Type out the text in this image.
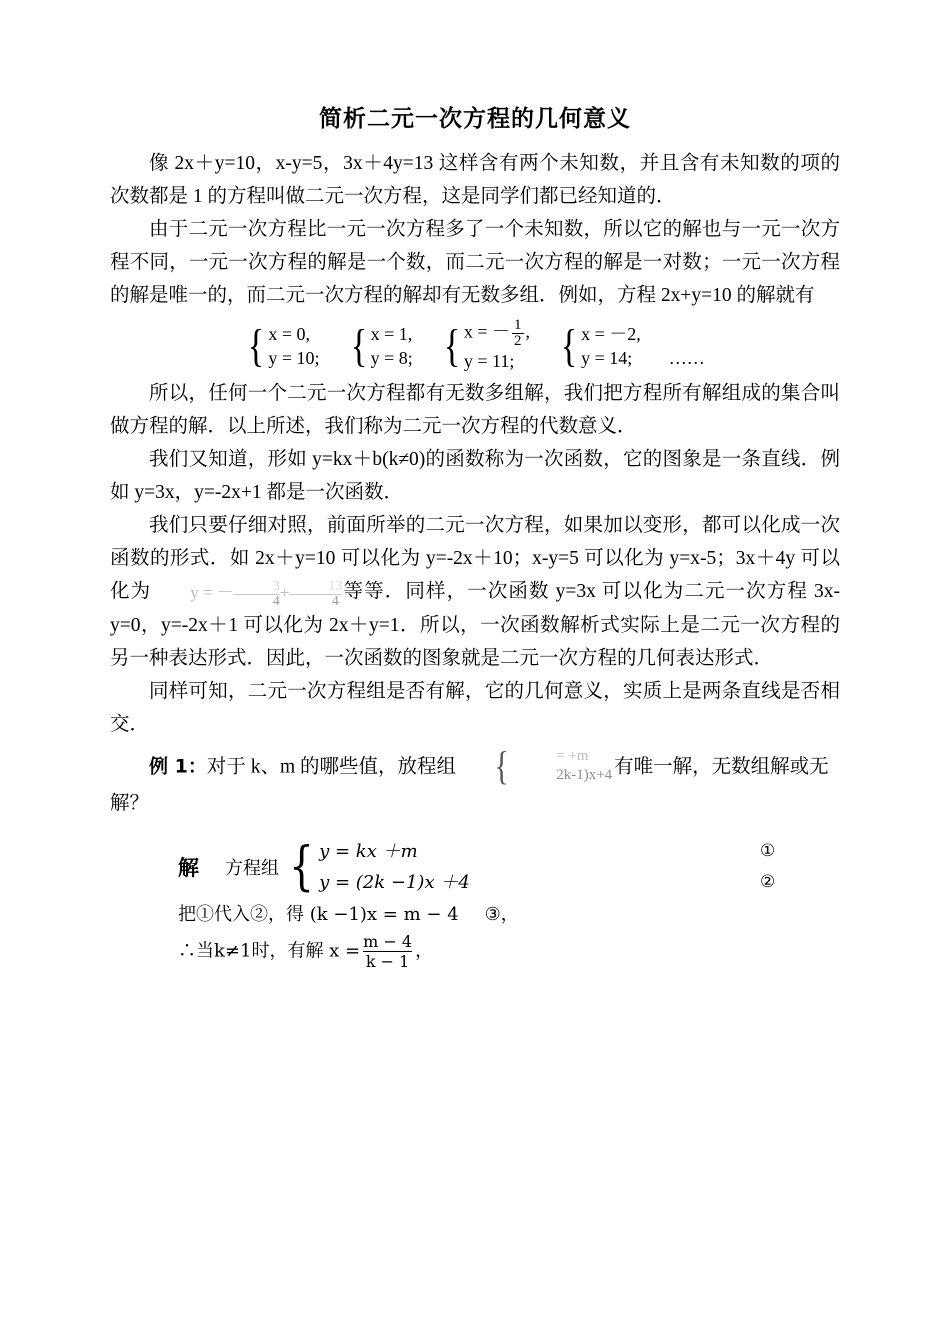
简析二元一次方程的几何意义

像 2x＋y=10，x-y=5，3x＋4y=13 这样含有两个未知数，并且含有未知数的项的次数都是 1 的方程叫做二元一次方程，这是同学们都已经知道的．

由于二元一次方程比一元一次方程多了一个未知数，所以它的解也与一元一次方程不同，一元一次方程的解是一个数，而二元一次方程的解是一对数；一元一次方程的解是唯一的，而二元一次方程的解却有无数多组．例如，方程 2x+y=10 的解就有

{ x = 0,
y = 10; { x = 1,
y = 8; { x = － $\frac{1}{2}$ ,
y = 11;	{ x = －2,
y = 14;	……

所以，任何一个二元一次方程都有无数多组解，我们把方程所有解组成的集合叫做方程的解．以上所述，我们称为二元一次方程的代数意义．

我们又知道，形如 y=kx＋b(k≠0)的函数称为一次函数，它的图象是一条直线．例如 y=3x，y=-2x+1 都是一次函数．

我们只要仔细对照，前面所举的二元一次方程，如果加以变形，都可以化成一次函数的形式．如 2x＋y=10 可以化为 y=-2x＋10；x-y=5 可以化为 y=x-5；3x＋4y 可以化为 y = － $\frac{3}{4} + \frac{13}{4}$ 等等．同样，一次函数 y=3x 可以化为二元一次方程 3x-y=0，y=-2x＋1 可以化为 2x＋y=1．所以，一次函数解析式实际上是二元一次方程的另一种表达形式．因此，一次函数的图象就是二元一次方程的几何表达形式．

同样可知，二元一次方程组是否有解，它的几何意义，实质上是两条直线是否相交．

例 1：对于 k、m 的哪些值，放程组 {	= +m
2k-1)x+4 有唯一解，无数组解或无解？

解 方程组 { y = kx ＋m
y = (2k −1)x ＋4
①
②
把①代入②，得 (k −1)x = m − 4 ③，
∴当k≠1时，有解 $x = \frac{m - 4}{k - 1}$ ，
